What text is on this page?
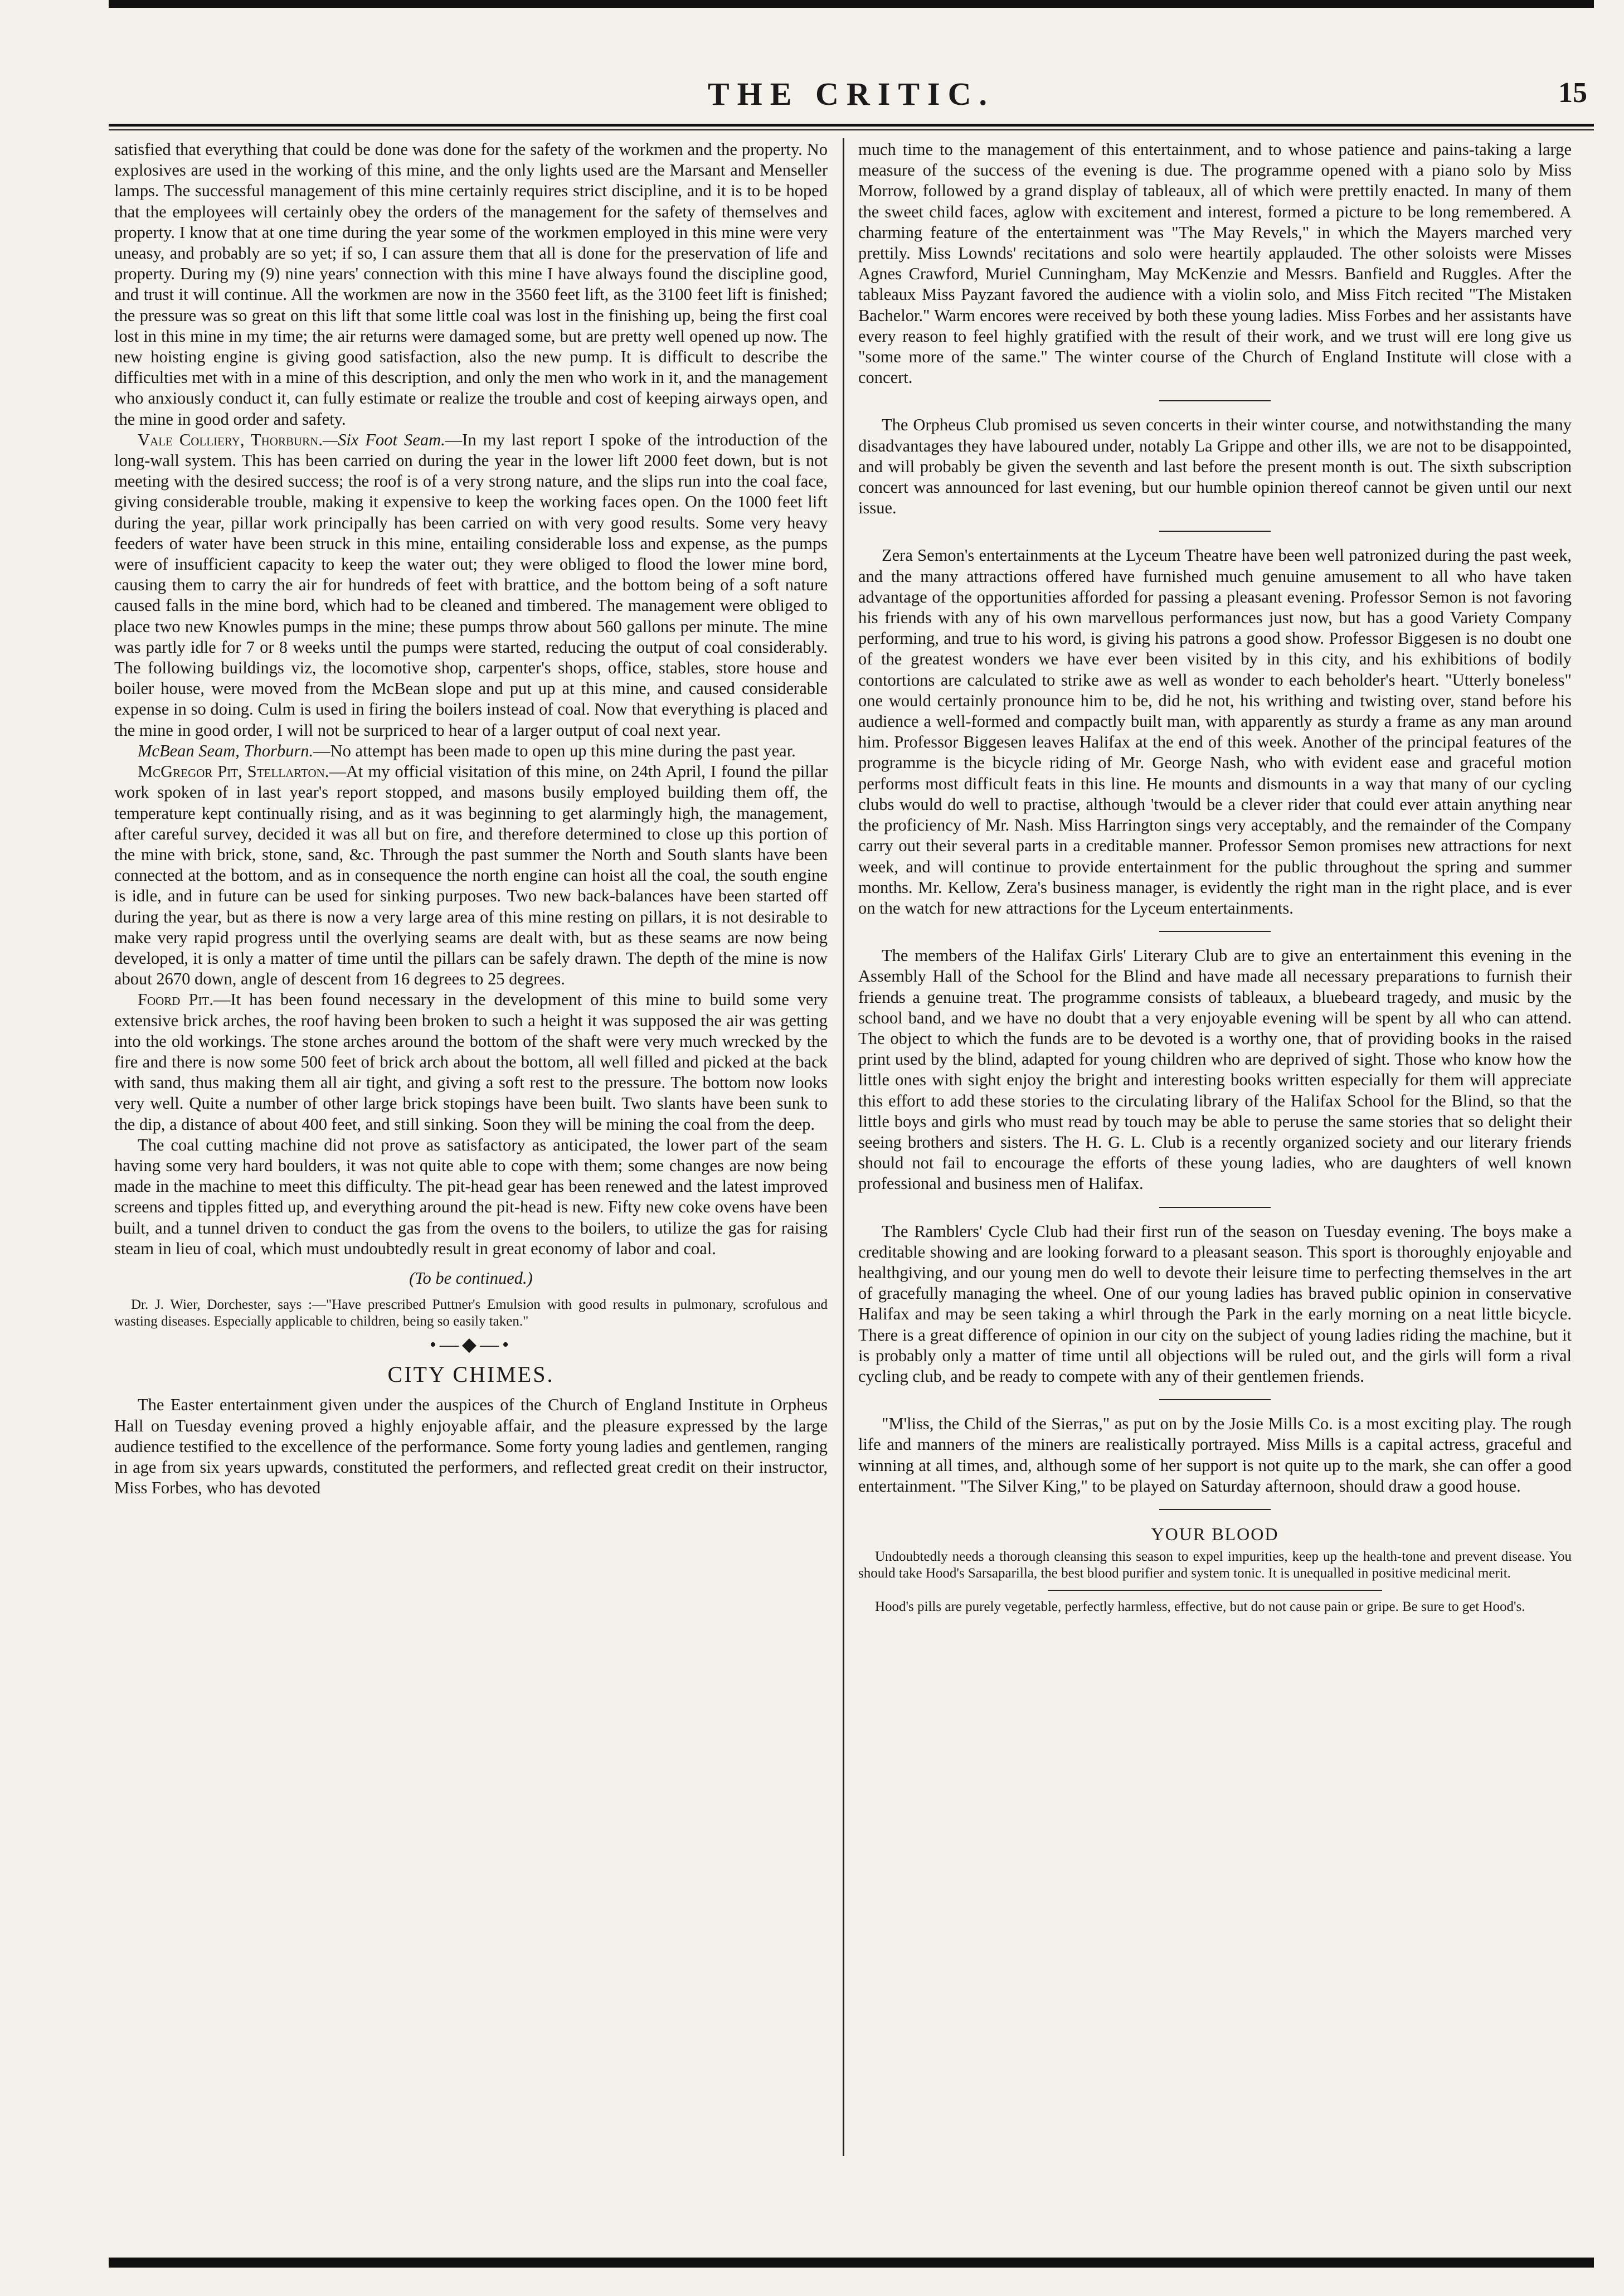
THE CRITIC.	15

satisfied that everything that could be done was done for the safety of the workmen and the property. No explosives are used in the working of this mine, and the only lights used are the Marsant and Menseller lamps. The successful management of this mine certainly requires strict discipline, and it is to be hoped that the employees will certainly obey the orders of the management for the safety of themselves and property. I know that at one time during the year some of the workmen employed in this mine were very uneasy, and probably are so yet; if so, I can assure them that all is done for the preservation of life and property. During my (9) nine years' connection with this mine I have always found the discipline good, and trust it will continue. All the workmen are now in the 3560 feet lift, as the 3100 feet lift is finished; the pressure was so great on this lift that some little coal was lost in the finishing up, being the first coal lost in this mine in my time; the air returns were damaged some, but are pretty well opened up now. The new hoisting engine is giving good satisfaction, also the new pump. It is difficult to describe the difficulties met with in a mine of this description, and only the men who work in it, and the management who anxiously conduct it, can fully estimate or realize the trouble and cost of keeping airways open, and the mine in good order and safety.

Vale Colliery, Thorburn.—Six Foot Seam.—In my last report I spoke of the introduction of the long-wall system. This has been carried on during the year in the lower lift 2000 feet down, but is not meeting with the desired success; the roof is of a very strong nature, and the slips run into the coal face, giving considerable trouble, making it expensive to keep the working faces open. On the 1000 feet lift during the year, pillar work principally has been carried on with very good results. Some very heavy feeders of water have been struck in this mine, entailing considerable loss and expense, as the pumps were of insufficient capacity to keep the water out; they were obliged to flood the lower mine bord, causing them to carry the air for hundreds of feet with brattice, and the bottom being of a soft nature caused falls in the mine bord, which had to be cleaned and timbered. The management were obliged to place two new Knowles pumps in the mine; these pumps throw about 560 gallons per minute. The mine was partly idle for 7 or 8 weeks until the pumps were started, reducing the output of coal considerably. The following buildings viz, the locomotive shop, carpenter's shops, office, stables, store house and boiler house, were moved from the McBean slope and put up at this mine, and caused considerable expense in so doing. Culm is used in firing the boilers instead of coal. Now that everything is placed and the mine in good order, I will not be surpriced to hear of a larger output of coal next year.

McBean Seam, Thorburn.—No attempt has been made to open up this mine during the past year.

McGregor Pit, Stellarton.—At my official visitation of this mine, on 24th April, I found the pillar work spoken of in last year's report stopped, and masons busily employed building them off, the temperature kept continually rising, and as it was beginning to get alarmingly high, the management, after careful survey, decided it was all but on fire, and therefore determined to close up this portion of the mine with brick, stone, sand, &c. Through the past summer the North and South slants have been connected at the bottom, and as in consequence the north engine can hoist all the coal, the south engine is idle, and in future can be used for sinking purposes. Two new back-balances have been started off during the year, but as there is now a very large area of this mine resting on pillars, it is not desirable to make very rapid progress until the overlying seams are dealt with, but as these seams are now being developed, it is only a matter of time until the pillars can be safely drawn. The depth of the mine is now about 2670 down, angle of descent from 16 degrees to 25 degrees.

Foord Pit.—It has been found necessary in the development of this mine to build some very extensive brick arches, the roof having been broken to such a height it was supposed the air was getting into the old workings. The stone arches around the bottom of the shaft were very much wrecked by the fire and there is now some 500 feet of brick arch about the bottom, all well filled and picked at the back with sand, thus making them all air tight, and giving a soft rest to the pressure. The bottom now looks very well. Quite a number of other large brick stopings have been built. Two slants have been sunk to the dip, a distance of about 400 feet, and still sinking. Soon they will be mining the coal from the deep.

The coal cutting machine did not prove as satisfactory as anticipated, the lower part of the seam having some very hard boulders, it was not quite able to cope with them; some changes are now being made in the machine to meet this difficulty. The pit-head gear has been renewed and the latest improved screens and tipples fitted up, and everything around the pit-head is new. Fifty new coke ovens have been built, and a tunnel driven to conduct the gas from the ovens to the boilers, to utilize the gas for raising steam in lieu of coal, which must undoubtedly result in great economy of labor and coal.

(To be continued.)

Dr. J. Wier, Dorchester, says :—"Have prescribed Puttner's Emulsion with good results in pulmonary, scrofulous and wasting diseases. Especially applicable to children, being so easily taken."

•—◆—•
CITY CHIMES.

The Easter entertainment given under the auspices of the Church of England Institute in Orpheus Hall on Tuesday evening proved a highly enjoyable affair, and the pleasure expressed by the large audience testified to the excellence of the performance. Some forty young ladies and gentlemen, ranging in age from six years upwards, constituted the performers, and reflected great credit on their instructor, Miss Forbes, who has devoted

much time to the management of this entertainment, and to whose patience and pains-taking a large measure of the success of the evening is due. The programme opened with a piano solo by Miss Morrow, followed by a grand display of tableaux, all of which were prettily enacted. In many of them the sweet child faces, aglow with excitement and interest, formed a picture to be long remembered. A charming feature of the entertainment was "The May Revels," in which the Mayers marched very prettily. Miss Lownds' recitations and solo were heartily applauded. The other soloists were Misses Agnes Crawford, Muriel Cunningham, May McKenzie and Messrs. Banfield and Ruggles. After the tableaux Miss Payzant favored the audience with a violin solo, and Miss Fitch recited "The Mistaken Bachelor." Warm encores were received by both these young ladies. Miss Forbes and her assistants have every reason to feel highly gratified with the result of their work, and we trust will ere long give us "some more of the same." The winter course of the Church of England Institute will close with a concert.

The Orpheus Club promised us seven concerts in their winter course, and notwithstanding the many disadvantages they have laboured under, notably La Grippe and other ills, we are not to be disappointed, and will probably be given the seventh and last before the present month is out. The sixth subscription concert was announced for last evening, but our humble opinion thereof cannot be given until our next issue.

Zera Semon's entertainments at the Lyceum Theatre have been well patronized during the past week, and the many attractions offered have furnished much genuine amusement to all who have taken advantage of the opportunities afforded for passing a pleasant evening. Professor Semon is not favoring his friends with any of his own marvellous performances just now, but has a good Variety Company performing, and true to his word, is giving his patrons a good show. Professor Biggesen is no doubt one of the greatest wonders we have ever been visited by in this city, and his exhibitions of bodily contortions are calculated to strike awe as well as wonder to each beholder's heart. "Utterly boneless" one would certainly pronounce him to be, did he not, his writhing and twisting over, stand before his audience a well-formed and compactly built man, with apparently as sturdy a frame as any man around him. Professor Biggesen leaves Halifax at the end of this week. Another of the principal features of the programme is the bicycle riding of Mr. George Nash, who with evident ease and graceful motion performs most difficult feats in this line. He mounts and dismounts in a way that many of our cycling clubs would do well to practise, although 'twould be a clever rider that could ever attain anything near the proficiency of Mr. Nash. Miss Harrington sings very acceptably, and the remainder of the Company carry out their several parts in a creditable manner. Professor Semon promises new attractions for next week, and will continue to provide entertainment for the public throughout the spring and summer months. Mr. Kellow, Zera's business manager, is evidently the right man in the right place, and is ever on the watch for new attractions for the Lyceum entertainments.

The members of the Halifax Girls' Literary Club are to give an entertainment this evening in the Assembly Hall of the School for the Blind and have made all necessary preparations to furnish their friends a genuine treat. The programme consists of tableaux, a bluebeard tragedy, and music by the school band, and we have no doubt that a very enjoyable evening will be spent by all who can attend. The object to which the funds are to be devoted is a worthy one, that of providing books in the raised print used by the blind, adapted for young children who are deprived of sight. Those who know how the little ones with sight enjoy the bright and interesting books written especially for them will appreciate this effort to add these stories to the circulating library of the Halifax School for the Blind, so that the little boys and girls who must read by touch may be able to peruse the same stories that so delight their seeing brothers and sisters. The H. G. L. Club is a recently organized society and our literary friends should not fail to encourage the efforts of these young ladies, who are daughters of well known professional and business men of Halifax.

The Ramblers' Cycle Club had their first run of the season on Tuesday evening. The boys make a creditable showing and are looking forward to a pleasant season. This sport is thoroughly enjoyable and healthgiving, and our young men do well to devote their leisure time to perfecting themselves in the art of gracefully managing the wheel. One of our young ladies has braved public opinion in conservative Halifax and may be seen taking a whirl through the Park in the early morning on a neat little bicycle. There is a great difference of opinion in our city on the subject of young ladies riding the machine, but it is probably only a matter of time until all objections will be ruled out, and the girls will form a rival cycling club, and be ready to compete with any of their gentlemen friends.

"M'liss, the Child of the Sierras," as put on by the Josie Mills Co. is a most exciting play. The rough life and manners of the miners are realistically portrayed. Miss Mills is a capital actress, graceful and winning at all times, and, although some of her support is not quite up to the mark, she can offer a good entertainment. "The Silver King," to be played on Saturday afternoon, should draw a good house.

YOUR BLOOD

Undoubtedly needs a thorough cleansing this season to expel impurities, keep up the health-tone and prevent disease. You should take Hood's Sarsaparilla, the best blood purifier and system tonic. It is unequalled in positive medicinal merit.

Hood's pills are purely vegetable, perfectly harmless, effective, but do not cause pain or gripe. Be sure to get Hood's.
